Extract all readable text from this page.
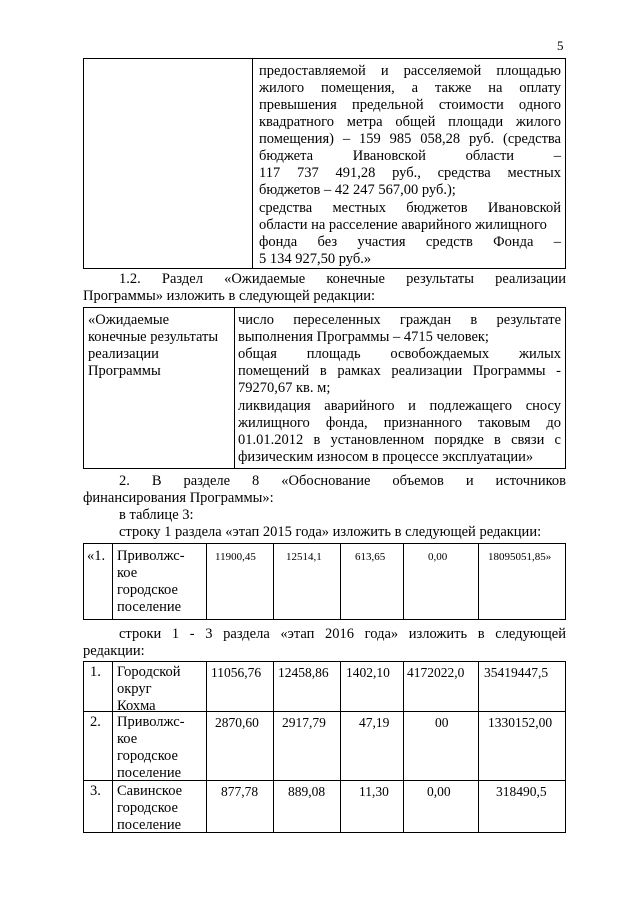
5
предоставляемой и расселяемой площадью
жилого помещения, а также на оплату
превышения предельной стоимости одного
квадратного метра общей площади жилого
помещения) – 159 985 058,28 руб. (средства
бюджета Ивановской области –
117 737 491,28 руб., средства местных
бюджетов – 42 247 567,00 руб.);
средства местных бюджетов Ивановской
области на расселение аварийного жилищного
фонда без участия средств Фонда –
5 134 927,50 руб.»
1.2. Раздел «Ожидаемые конечные результаты реализации
Программы» изложить в следующей редакции:
«Ожидаемые
конечные результаты
реализации
Программы
число переселенных граждан в результате
выполнения Программы – 4715 человек;
общая площадь освобождаемых жилых
помещений в рамках реализации Программы -
79270,67 кв. м;
ликвидация аварийного и подлежащего сносу
жилищного фонда, признанного таковым до
01.01.2012 в установленном порядке в связи с
физическим износом в процессе эксплуатации»
2. В разделе 8 «Обоснование объемов и источников
финансирования Программы»:
в таблице 3:
строку 1 раздела «этап 2015 года» изложить в следующей редакции:
«1. Приволжс-
кое
городское
поселение
11900,45	12514,1	613,65	0,00	18095051,85»
строки 1 - 3 раздела «этап 2016 года» изложить в следующей
редакции:
1. Городской
округ
Кохма
11056,76 12458,86 1402,10 4172022,0 35419447,5
2. Приволжс-
кое
городское
поселение
2870,60 2917,79 47,19	00	1330152,00
3. Савинское
городское
поселение
877,78 889,08	11,30	0,00	318490,5
